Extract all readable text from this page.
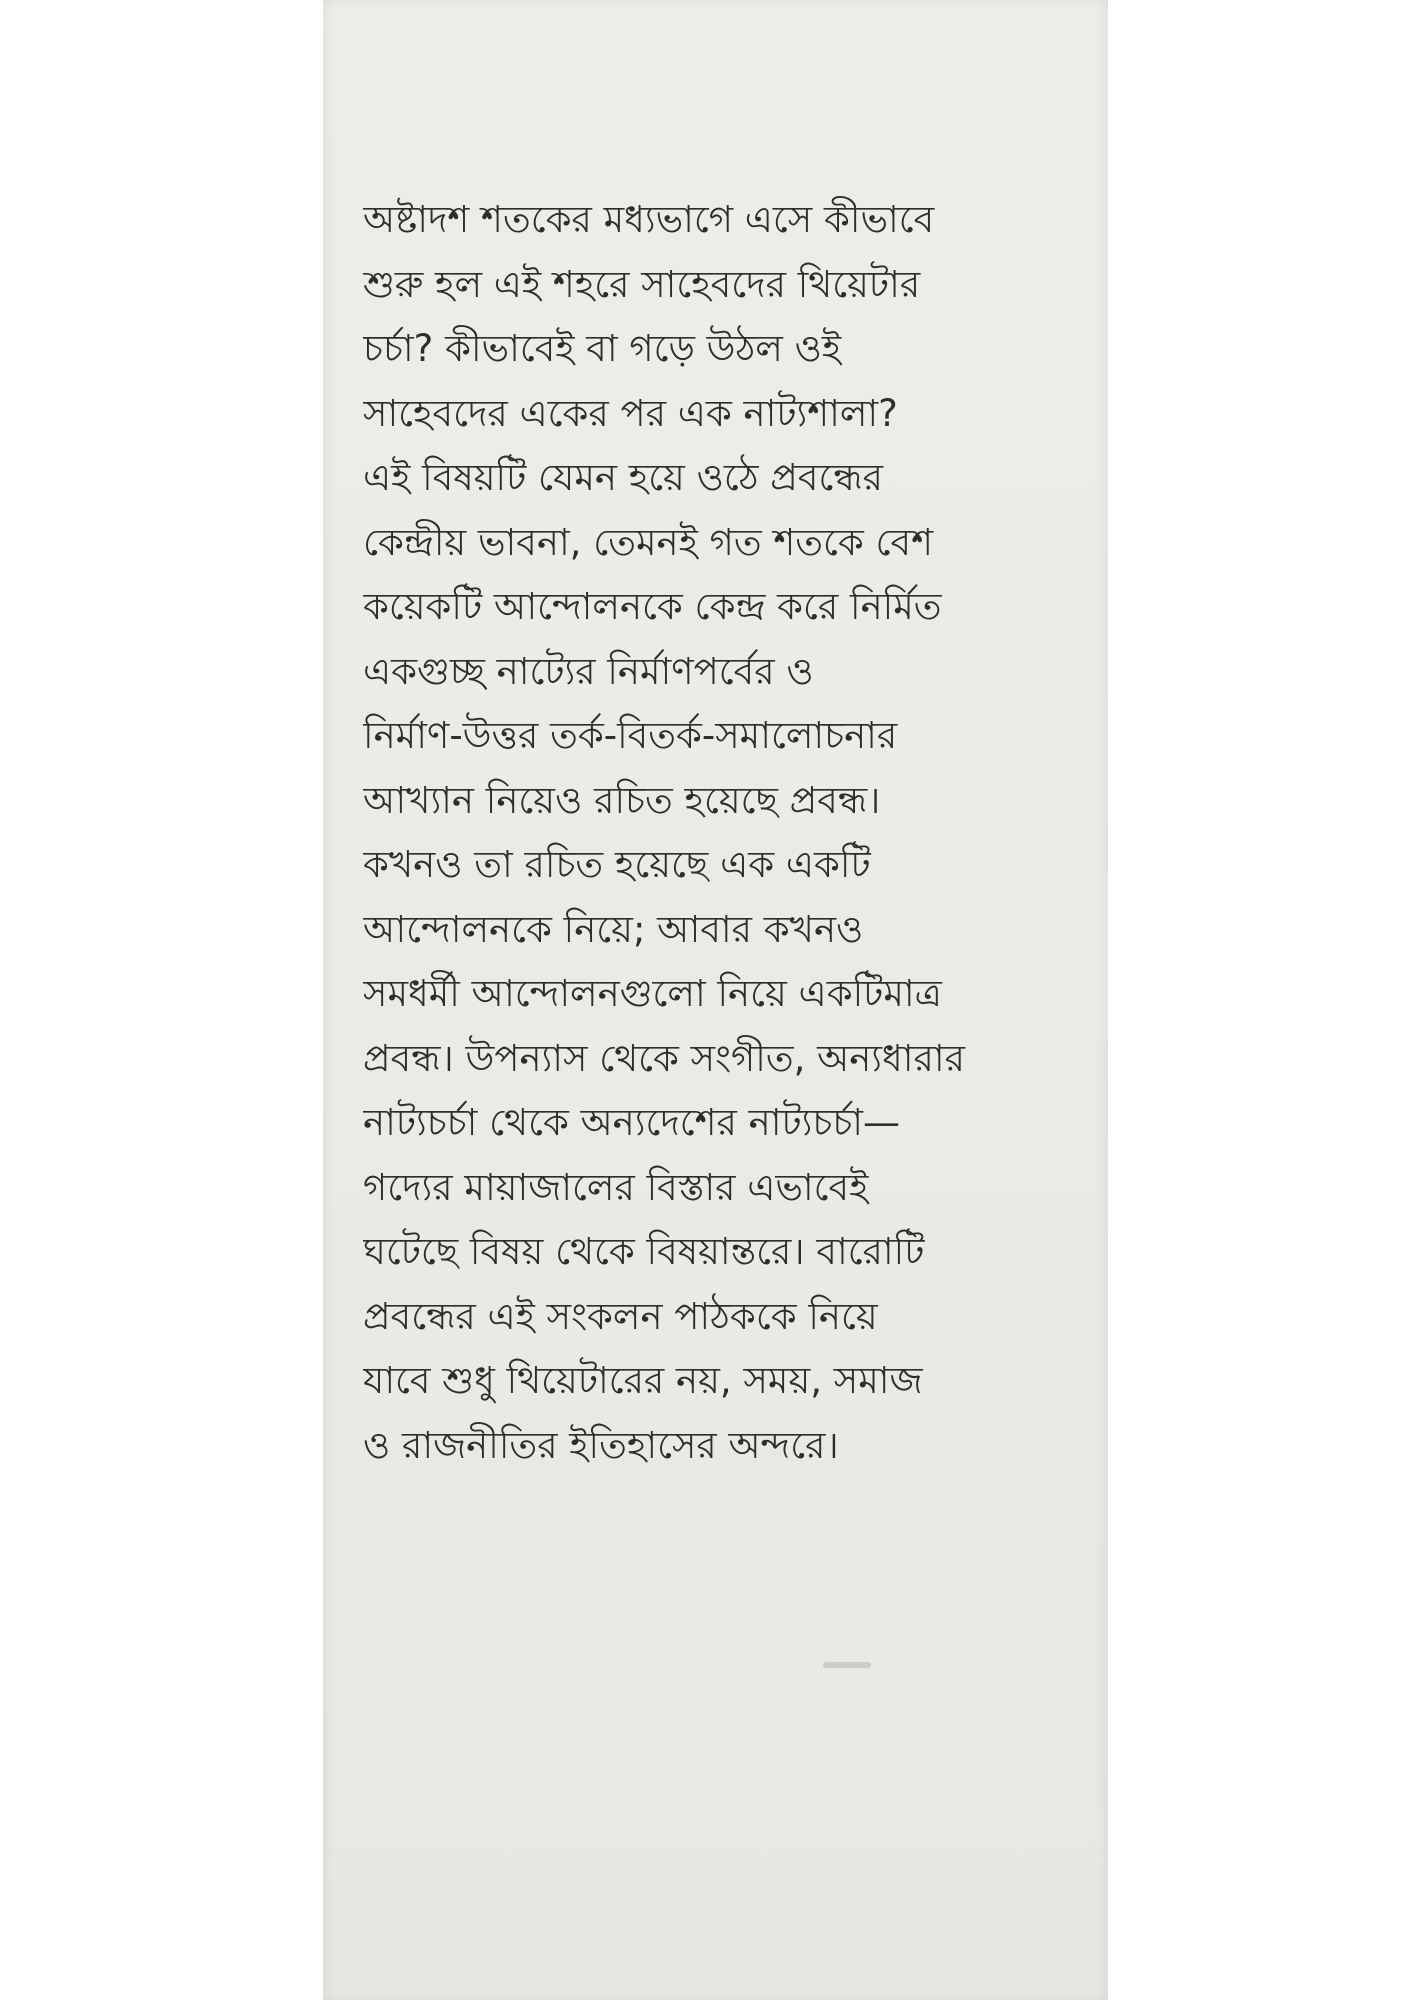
অষ্টাদশ শতকের মধ্যভাগে এসে কীভাবে
শুরু হল এই শহরে সাহেবদের থিয়েটার
চর্চা? কীভাবেই বা গড়ে উঠল ওই
সাহেবদের একের পর এক নাট্যশালা?
এই বিষয়টি যেমন হয়ে ওঠে প্রবন্ধের
কেন্দ্রীয় ভাবনা, তেমনই গত শতকে বেশ
কয়েকটি আন্দোলনকে কেন্দ্র করে নির্মিত
একগুচ্ছ নাট্যের নির্মাণপর্বের ও
নির্মাণ-উত্তর তর্ক-বিতর্ক-সমালোচনার
আখ্যান নিয়েও রচিত হয়েছে প্রবন্ধ।
কখনও তা রচিত হয়েছে এক একটি
আন্দোলনকে নিয়ে; আবার কখনও
সমধর্মী আন্দোলনগুলো নিয়ে একটিমাত্র
প্রবন্ধ। উপন্যাস থেকে সংগীত, অন্যধারার
নাট্যচর্চা থেকে অন্যদেশের নাট্যচর্চা—
গদ্যের মায়াজালের বিস্তার এভাবেই
ঘটেছে বিষয় থেকে বিষয়ান্তরে। বারোটি
প্রবন্ধের এই সংকলন পাঠককে নিয়ে
যাবে শুধু থিয়েটারের নয়, সময়, সমাজ
ও রাজনীতির ইতিহাসের অন্দরে।
